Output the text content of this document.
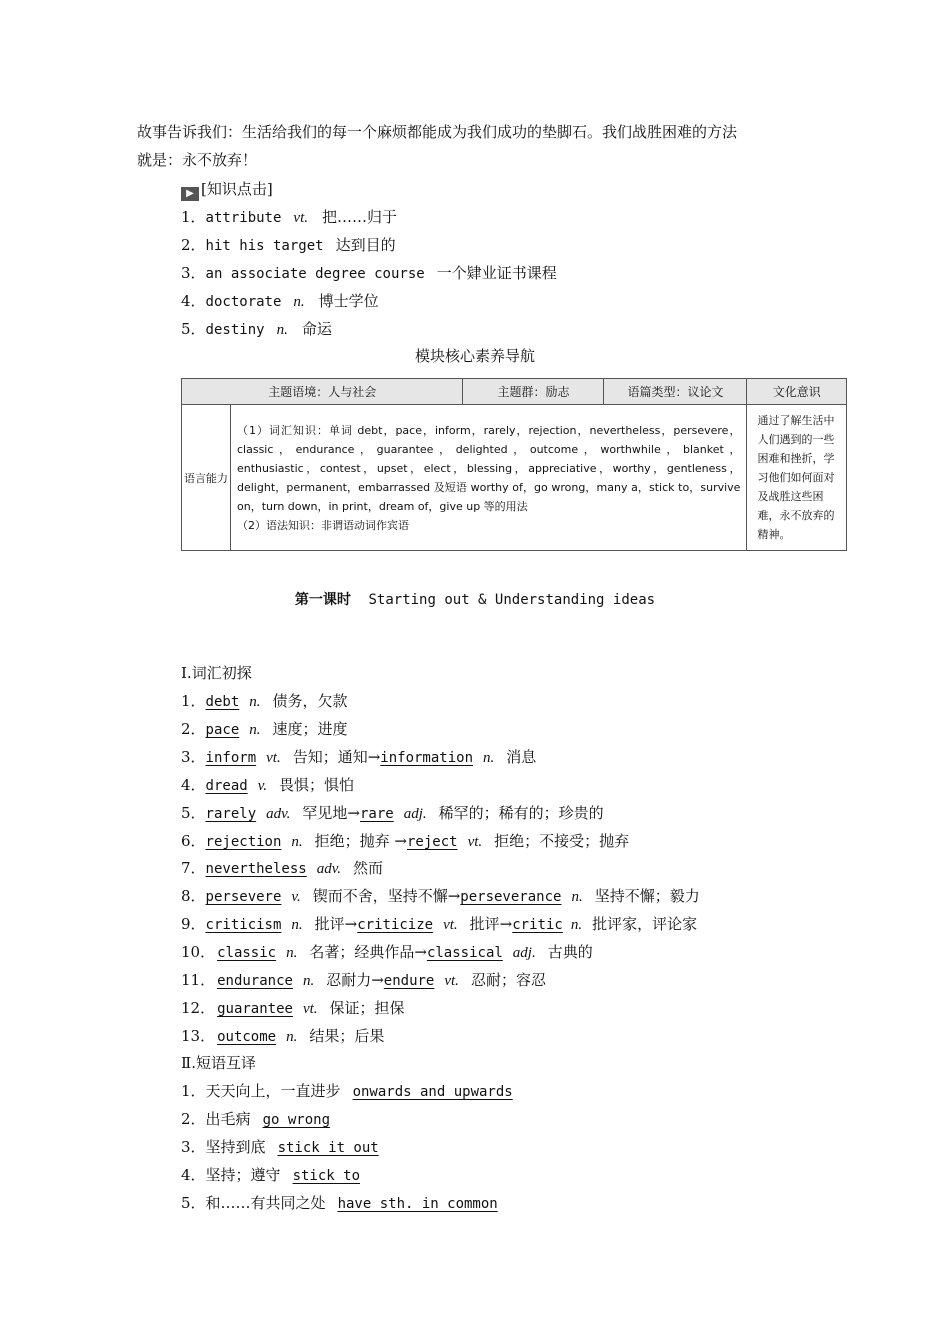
故事告诉我们：生活给我们的每一个麻烦都能成为我们成功的垫脚石。我们战胜困难的方法
就是：永不放弃！
▶ [知识点击]
1．attribute vt. 把……归于
2．hit his target 达到目的
3．an associate degree course 一个肄业证书课程
4．doctorate n. 博士学位
5．destiny n. 命运
模块核心素养导航
主题语境：人与社会		主题群：励志	语篇类型：议论文	文化意识
语言能力	（1）词汇知识：单词 debt，pace，inform，rarely，rejection，nevertheless，persevere，classic，endurance，guarantee，delighted，outcome，worthwhile，blanket，enthusiastic，contest，upset，elect，blessing，appreciative，worthy，gentleness，delight，permanent，embarrassed 及短语 worthy of，go wrong，many a，stick to，survive on，turn down，in print，dream of，give up 等的用法
（2）语法知识：非谓语动词作宾语			通过了解生活中人们遇到的一些困难和挫折，学习他们如何面对及战胜这些困难，永不放弃的精神。
第一课时 Starting out & Understanding ideas
Ⅰ.词汇初探
1．debt n. 债务，欠款
2．pace n. 速度；进度
3．inform vt. 告知；通知→information n. 消息
4．dread v. 畏惧；惧怕
5．rarely adv. 罕见地→rare adj. 稀罕的；稀有的；珍贵的
6．rejection n. 拒绝；抛弃 →reject vt. 拒绝；不接受；抛弃
7．nevertheless adv. 然而
8．persevere v. 锲而不舍，坚持不懈→perseverance n. 坚持不懈；毅力
9．criticism n. 批评→criticize vt. 批评→critic n. 批评家，评论家
10． classic n. 名著；经典作品→classical adj. 古典的
11． endurance n. 忍耐力→endure vt. 忍耐；容忍
12． guarantee vt. 保证；担保
13． outcome n. 结果；后果
Ⅱ.短语互译
1．天天向上，一直进步 onwards and upwards
2．出毛病 go wrong
3．坚持到底 stick it out
4．坚持；遵守 stick to
5．和……有共同之处 have sth. in common
